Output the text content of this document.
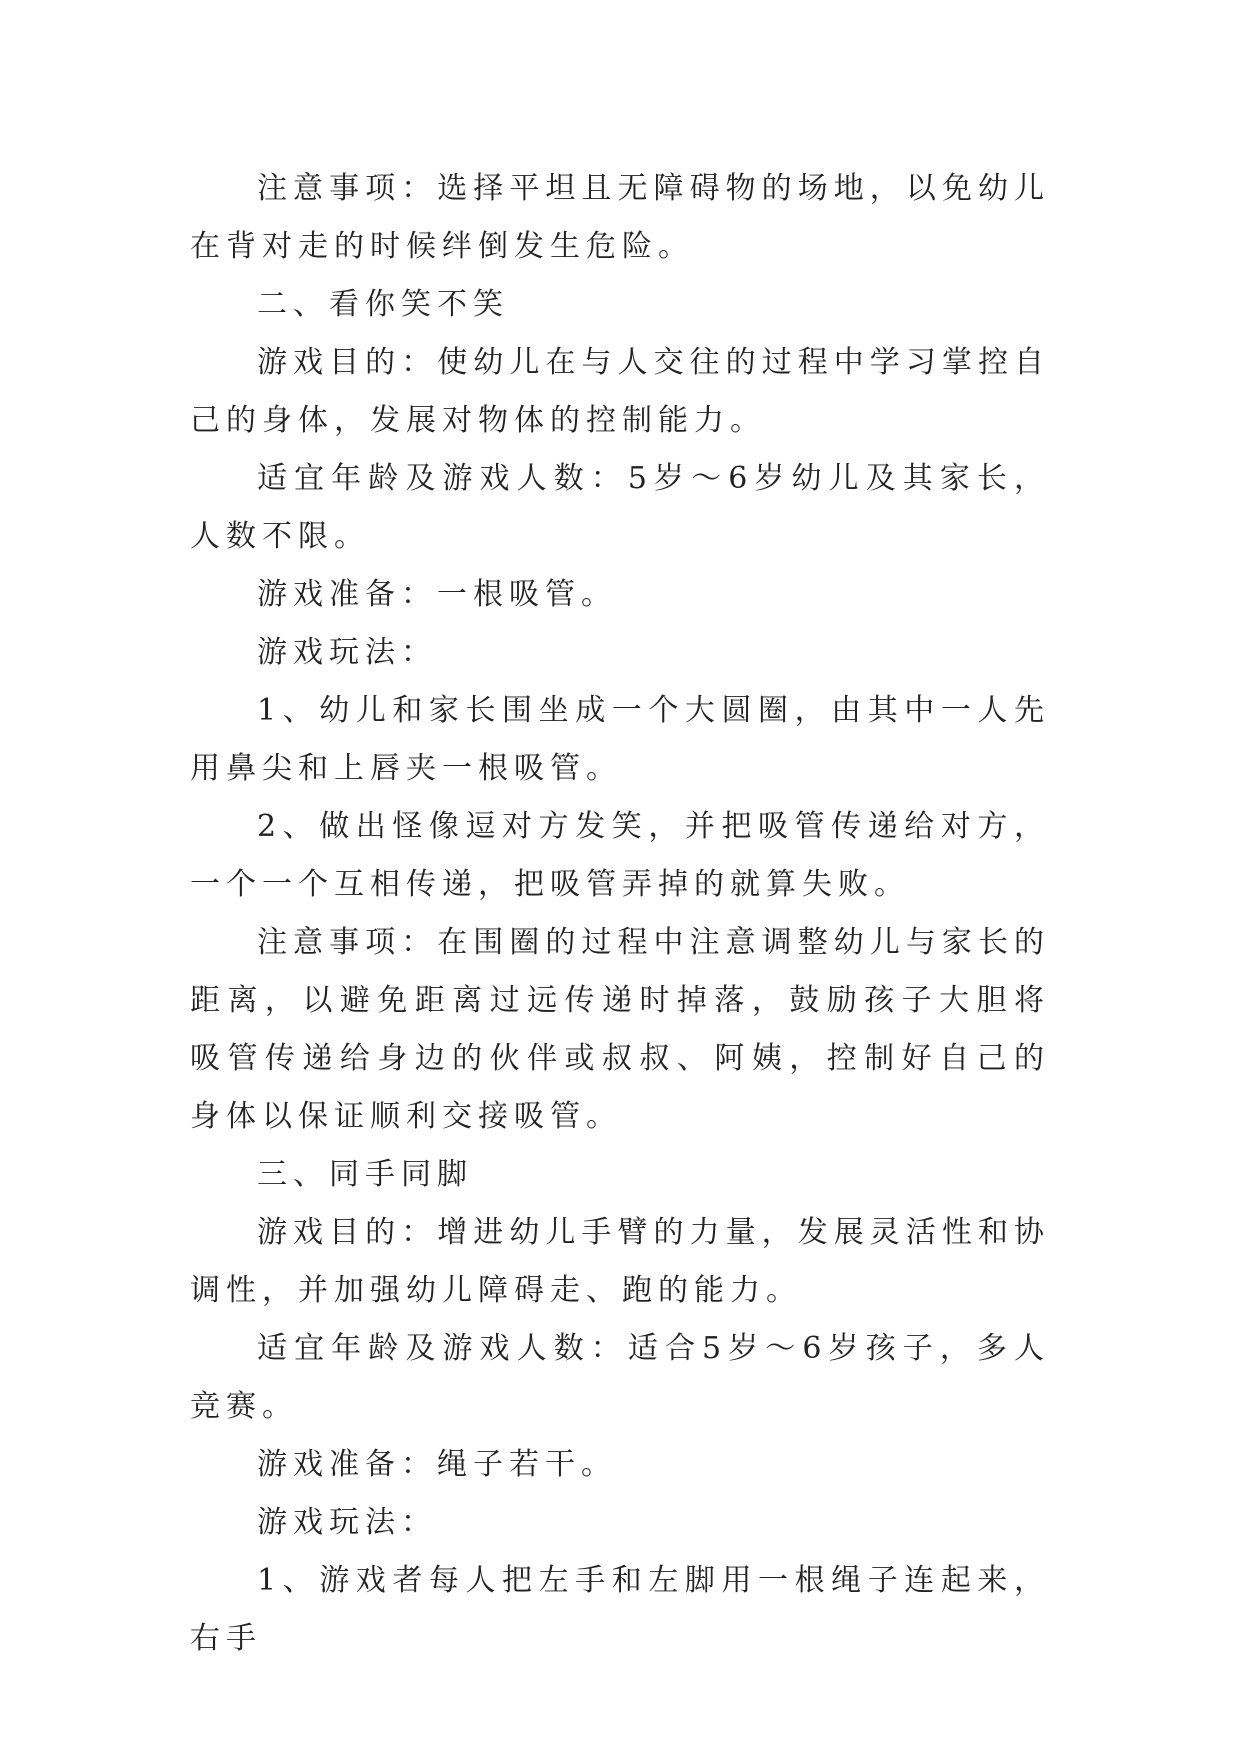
注意事项：选择平坦且无障碍物的场地，以免幼儿在背对走的时候绊倒发生危险。

二、看你笑不笑

游戏目的：使幼儿在与人交往的过程中学习掌控自己的身体，发展对物体的控制能力。

适宜年龄及游戏人数：5岁～6岁幼儿及其家长，人数不限。

游戏准备：一根吸管。

游戏玩法：

1、幼儿和家长围坐成一个大圆圈，由其中一人先用鼻尖和上唇夹一根吸管。

2、做出怪像逗对方发笑，并把吸管传递给对方，一个一个互相传递，把吸管弄掉的就算失败。

注意事项：在围圈的过程中注意调整幼儿与家长的距离，以避免距离过远传递时掉落，鼓励孩子大胆将吸管传递给身边的伙伴或叔叔、阿姨，控制好自己的身体以保证顺利交接吸管。

三、同手同脚

游戏目的：增进幼儿手臂的力量，发展灵活性和协调性，并加强幼儿障碍走、跑的能力。

适宜年龄及游戏人数：适合5岁～6岁孩子，多人竞赛。

游戏准备：绳子若干。

游戏玩法：

1、游戏者每人把左手和左脚用一根绳子连起来，右手
